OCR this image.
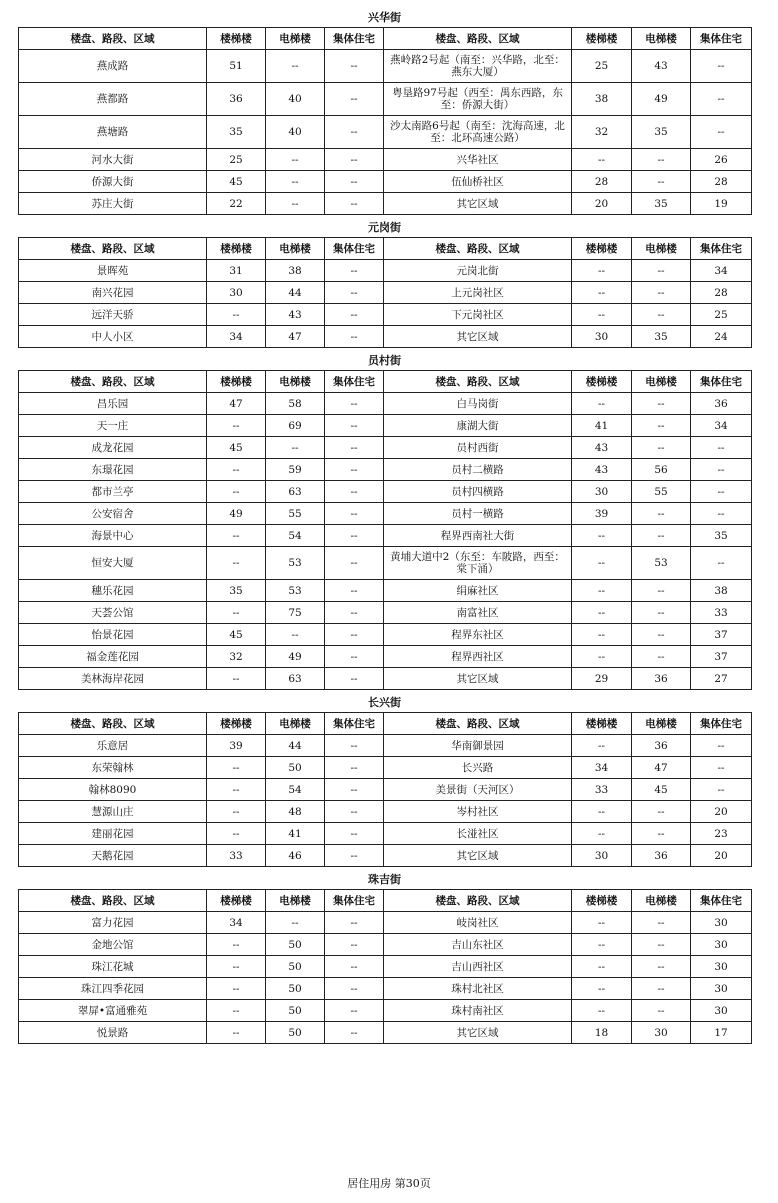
兴华街
楼盘、路段、区域	楼梯楼	电梯楼	集体住宅	楼盘、路段、区域	楼梯楼	电梯楼	集体住宅
燕成路	51	--	--	燕岭路2号起（南至：兴华路，北至：燕东大厦）	25	43	--
燕都路	36	40	--	粤垦路97号起（西至：禺东西路，东至：侨源大街）	38	49	--
燕塘路	35	40	--	沙太南路6号起（南至：沈海高速，北至：北环高速公路）	32	35	--
河水大街	25	--	--	兴华社区	--	--	26
侨源大街	45	--	--	伍仙桥社区	28	--	28
苏庄大街	22	--	--	其它区域	20	35	19
元岗街
楼盘、路段、区域	楼梯楼	电梯楼	集体住宅	楼盘、路段、区域	楼梯楼	电梯楼	集体住宅
景晖苑	31	38	--	元岗北街	--	--	34
南兴花园	30	44	--	上元岗社区	--	--	28
远洋天骄	--	43	--	下元岗社区	--	--	25
中人小区	34	47	--	其它区域	30	35	24
员村街
楼盘、路段、区域	楼梯楼	电梯楼	集体住宅	楼盘、路段、区域	楼梯楼	电梯楼	集体住宅
昌乐园	47	58	--	白马岗街	--	--	36
天一庄	--	69	--	康湖大街	41	--	34
成龙花园	45	--	--	员村西街	43	--	--
东璟花园	--	59	--	员村二横路	43	56	--
都市兰亭	--	63	--	员村四横路	30	55	--
公安宿舍	49	55	--	员村一横路	39	--	--
海景中心	--	54	--	程界西南社大街	--	--	35
恒安大厦	--	53	--	黄埔大道中2（东至：车陂路，西至：棠下涌）	--	53	--
穗乐花园	35	53	--	绢麻社区	--	--	38
天荟公馆	--	75	--	南富社区	--	--	33
怡景花园	45	--	--	程界东社区	--	--	37
福金莲花园	32	49	--	程界西社区	--	--	37
美林海岸花园	--	63	--	其它区域	29	36	27
长兴街
楼盘、路段、区域	楼梯楼	电梯楼	集体住宅	楼盘、路段、区域	楼梯楼	电梯楼	集体住宅
乐意居	39	44	--	华南御景园	--	36	--
东荣翰林	--	50	--	长兴路	34	47	--
翰林8090	--	54	--	美景街（天河区）	33	45	--
慧源山庄	--	48	--	岑村社区	--	--	20
建丽花园	--	41	--	长湴社区	--	--	23
天鹅花园	33	46	--	其它区域	30	36	20
珠吉街
楼盘、路段、区域	楼梯楼	电梯楼	集体住宅	楼盘、路段、区域	楼梯楼	电梯楼	集体住宅
富力花园	34	--	--	岐岗社区	--	--	30
金地公馆	--	50	--	吉山东社区	--	--	30
珠江花城	--	50	--	吉山西社区	--	--	30
珠江四季花园	--	50	--	珠村北社区	--	--	30
翠屏•富通雅苑	--	50	--	珠村南社区	--	--	30
悦景路	--	50	--	其它区域	18	30	17
居住用房 第30页
